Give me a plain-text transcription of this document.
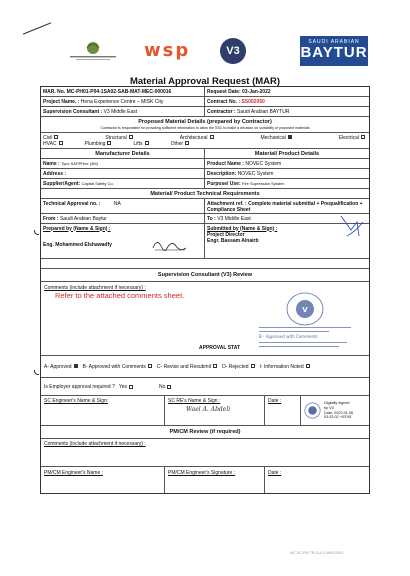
wsp	V3
SAUDI ARABIAN
BAYTUR
Material Approval Request (MAR)
MAR. No. MC-PH01-P04-1SA02-SAB-MAT-MEC-000016	Request Date: 03-Jan-2022
Project Name. : Hena Experience Centre – MISK City	Contract No. : SS002050
Supervision Consultant : V3 Middle East	Contractor : Saudi Arabian BAYTUR
Proposed Material Details (prepared by Contractor)
Contractor is responsible for providing sufficient information to allow the SSC to make a decision on suitability of proposed materials
Civil	Structural	Architectural	Mechanical	Electrical
HVAC	Plumbing	Lifts	Other
Manufacturer Details	Material/ Product Details
Name : Tyco SAPPHire (3M)	Product Name : NOVEC System
Address :	Description: NOVEC System
Supplier/Agent: Capital Safety Co.	Purpose/ Use: Fire Supression System
Material/ Product Technical Requirements
Technical Approval no. :	NA	Attachment ref. : Complete material submittal + Prequalification + Compliance Sheet
From : Saudi Arabian Baytur	To : V3 Middle East
Prepared by (Name & Sign) :
Eng. Mohammed Elshawadfy
Submitted by (Name & Sign) :
Project Director
Engr. Bassam Alnairb
Supervision Consultant (V3) Review
Comments (include attachment if necessary) :
Refer to the attached comments sheet.
V
B - Approved with Comments
APPROVAL STAT
A- Approved	B- Approved with Comments	C- Revise and Resubmit	D- Rejected	I- Information Noted
Is Employer approval required ? Yes	No
SC Engineer's Name & Sign:	SC RE's Name & Sign :
Wael A. Abdeli
Date :	Digitally signed
by V3
Date: 2022.01.06
03:32:02 +03'00'
PM/CM Review (if required)
Comments (include attachment if necessary) :
PM/CM Engineer's Name :	PM/CM Engineer's Signature :	Date :
MC-SC-PM-TR-S-A-F-MAR-0001
